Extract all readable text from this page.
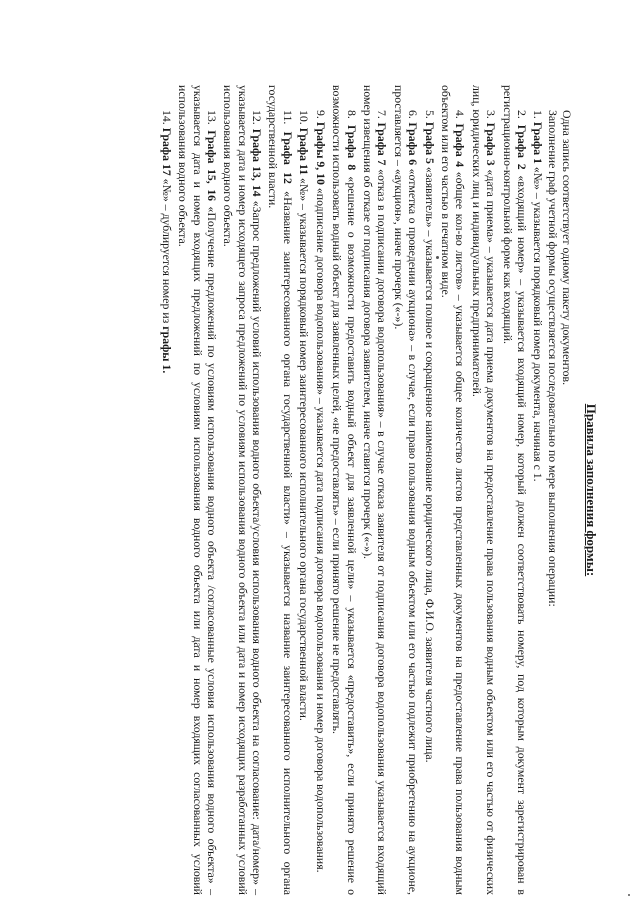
Правила заполнения формы:

Одна запись соответствует одному пакету документов.

Заполнение граф учетной формы осуществляется последовательно по мере выполнения операции:

1. Графа 1 «№» – указывается порядковый номер документа, начиная с 1.

2. Графа 2 «входящий номер» – указывается входящий номер, который должен соответствовать номеру, под которым документ зарегистрирован в регистрационно-контрольной форме как входящий.

3. Графа 3 «дата приема» – указывается дата приема документов на предоставление права пользования водным объектом или его частью от физических лиц, юридических лиц и индивидуальных предпринимателей.

4. Графа 4 «общее кол-во листов» – указывается общее количество листов представленных документов на предоставление права пользования водным объектом или его частью в печатном виде.

5. Графа 5 «заявитель» – указывается полное и сокращенное наименование юридического лица, Ф.И.О. заявителя частного лица.

6. Графа 6 «отметка о проведении аукциона» – в случае, если право пользования водным объектом или его частью подлежит приобретению на аукционе, проставляется – «аукцион», иначе прочерк («-»).

7. Графа 7 «отказ в подписании договора водопользования» – в случае отказа заявителя от подписания договора водопользования указывается входящий номер извещения об отказе от подписания договора заявителем, иначе ставится прочерк («-»).

8. Графа 8 «решение о возможности предоставить водный объект для заявленной цели» – указывается «предоставить», если принято решение о возможности использовать водный объект для заявленных целей, «не предоставлять» – если принято решение не предоставлять.

9. Графы 9, 10 «подписание договора водопользования» – указывается дата подписания договора водопользования и номер договора водопользования.

10. Графа 11 «№» – указывается порядковый номер заинтересованного исполнительного органа государственной власти.

11. Графа 12 «Название заинтересованного органа государственной власти» – указывается название заинтересованного исполнительного органа государственной власти.

12. Графа 13, 14 «Запрос предложений условий использования водного объекта/условия использования водного объекта на согласование: дата/номер» – указывается дата и номер исходящего запроса предложений по условиям использования водного объекта или дата и номер исходящих разработанных условий использования водного объекта.

13. Графа 15, 16 «Получение предложений по условиям использования водного объекта /согласованные условия использования водного объекта» – указывается дата и номер входящих предложений по условиям использования водного объекта или дата и номер входящих согласованных условий использования водного объекта.

14. Графа 17 «№» – дублируется номер из графы 1.
